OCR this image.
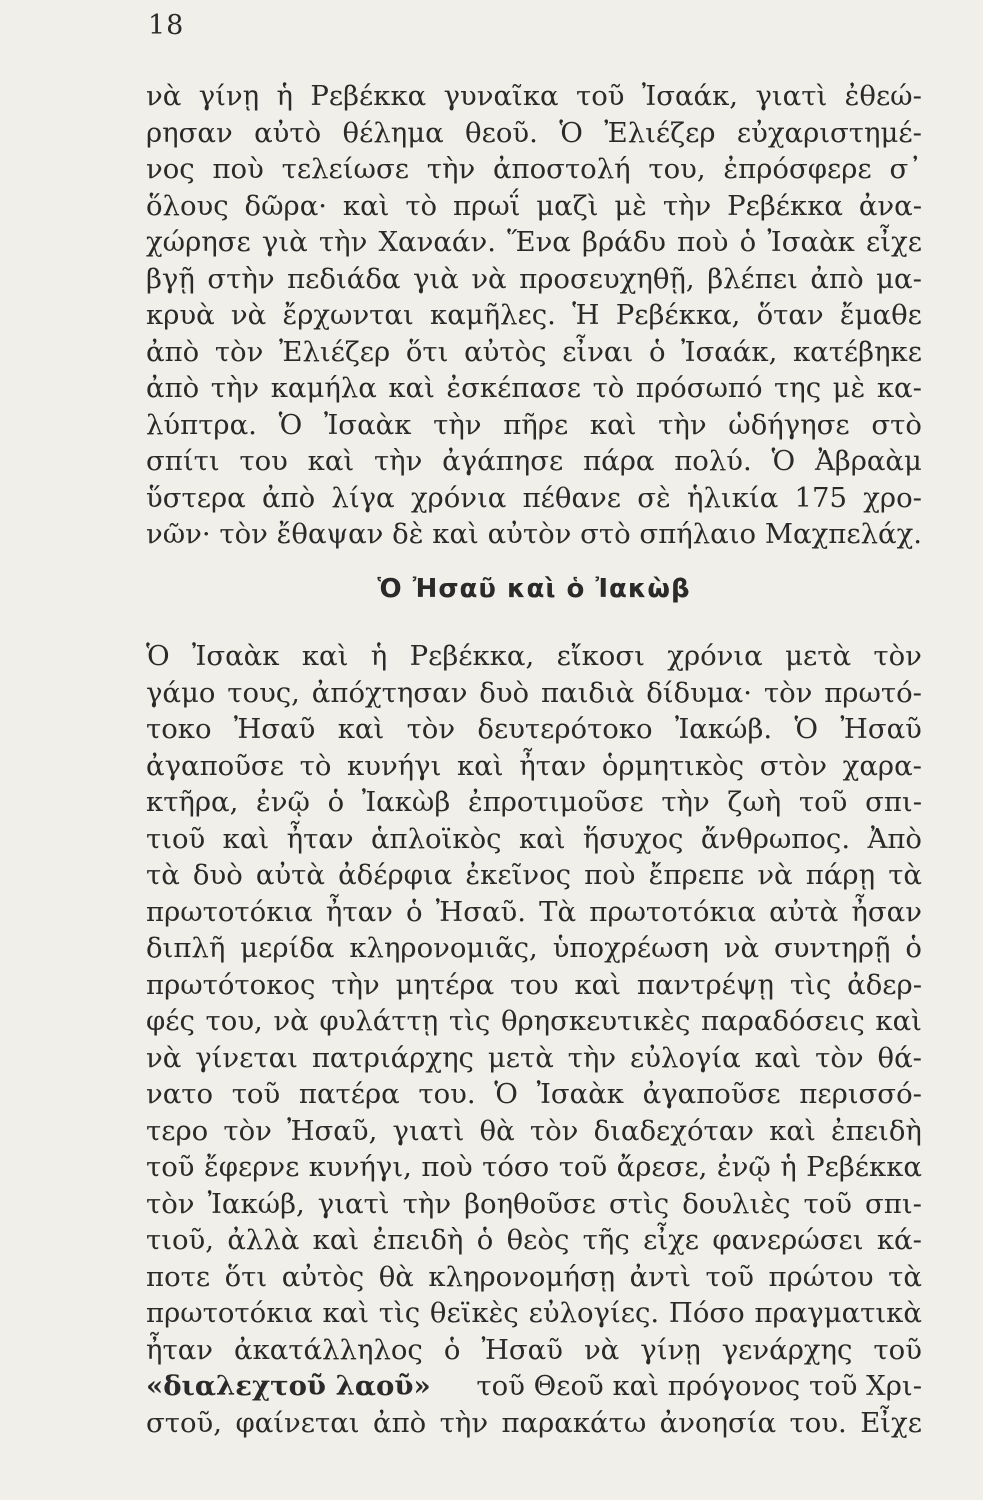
18
νὰ γίνῃ ἡ Ρεβέκκα γυναῖκα τοῦ Ἰσαάκ, γιατὶ ἐθεώ-
ρησαν αὐτὸ θέλημα θεοῦ. Ὁ Ἐλιέζερ εὐχαριστημέ-
νος ποὺ τελείωσε τὴν ἀποστολή του, ἐπρόσφερε σ᾽
ὅλους δῶρα· καὶ τὸ πρωΐ μαζὶ μὲ τὴν Ρεβέκκα ἀνα-
χώρησε γιὰ τὴν Χαναάν. Ἕνα βράδυ ποὺ ὁ Ἰσαὰκ εἶχε
βγῇ στὴν πεδιάδα γιὰ νὰ προσευχηθῇ, βλέπει ἀπὸ μα-
κρυὰ νὰ ἔρχωνται καμῆλες. Ἡ Ρεβέκκα, ὅταν ἔμαθε
ἀπὸ τὸν Ἐλιέζερ ὅτι αὐτὸς εἶναι ὁ Ἰσαάκ, κατέβηκε
ἀπὸ τὴν καμήλα καὶ ἐσκέπασε τὸ πρόσωπό της μὲ κα-
λύπτρα. Ὁ Ἰσαὰκ τὴν πῆρε καὶ τὴν ὡδήγησε στὸ
σπίτι του καὶ τὴν ἀγάπησε πάρα πολύ. Ὁ Ἀβραὰμ
ὕστερα ἀπὸ λίγα χρόνια πέθανε σὲ ἡλικία 175 χρο-
νῶν· τὸν ἔθαψαν δὲ καὶ αὐτὸν στὸ σπήλαιο Μαχπελάχ.
Ὁ Ἠσαῦ καὶ ὁ Ἰακὼβ
Ὁ Ἰσαὰκ καὶ ἡ Ρεβέκκα, εἴκοσι χρόνια μετὰ τὸν
γάμο τους, ἀπόχτησαν δυὸ παιδιὰ δίδυμα· τὸν πρωτό-
τοκο Ἠσαῦ καὶ τὸν δευτερότοκο Ἰακώβ. Ὁ Ἠσαῦ
ἀγαποῦσε τὸ κυνήγι καὶ ἦταν ὁρμητικὸς στὸν χαρα-
κτῆρα, ἐνῷ ὁ Ἰακὼβ ἐπροτιμοῦσε τὴν ζωὴ τοῦ σπι-
τιοῦ καὶ ἦταν ἁπλοϊκὸς καὶ ἥσυχος ἄνθρωπος. Ἀπὸ
τὰ δυὸ αὐτὰ ἀδέρφια ἐκεῖνος ποὺ ἔπρεπε νὰ πάρῃ τὰ
πρωτοτόκια ἦταν ὁ Ἠσαῦ. Τὰ πρωτοτόκια αὐτὰ ἦσαν
διπλῆ μερίδα κληρονομιᾶς, ὑποχρέωση νὰ συντηρῇ ὁ
πρωτότοκος τὴν μητέρα του καὶ παντρέψῃ τὶς ἀδερ-
φές του, νὰ φυλάττῃ τὶς θρησκευτικὲς παραδόσεις καὶ
νὰ γίνεται πατριάρχης μετὰ τὴν εὐλογία καὶ τὸν θά-
νατο τοῦ πατέρα του. Ὁ Ἰσαὰκ ἀγαποῦσε περισσό-
τερο τὸν Ἠσαῦ, γιατὶ θὰ τὸν διαδεχόταν καὶ ἐπειδὴ
τοῦ ἔφερνε κυνήγι, ποὺ τόσο τοῦ ἄρεσε, ἐνῷ ἡ Ρεβέκκα
τὸν Ἰακώβ, γιατὶ τὴν βοηθοῦσε στὶς δουλιὲς τοῦ σπι-
τιοῦ, ἀλλὰ καὶ ἐπειδὴ ὁ θεὸς τῆς εἶχε φανερώσει κά-
ποτε ὅτι αὐτὸς θὰ κληρονομήσῃ ἀντὶ τοῦ πρώτου τὰ
πρωτοτόκια καὶ τὶς θεϊκὲς εὐλογίες. Πόσο πραγματικὰ
ἦταν ἀκατάλληλος ὁ Ἠσαῦ νὰ γίνῃ γενάρχης τοῦ
«διαλεχτοῦ λαοῦ» τοῦ Θεοῦ καὶ πρόγονος τοῦ Χρι-
στοῦ, φαίνεται ἀπὸ τὴν παρακάτω ἀνοησία του. Εἶχε
